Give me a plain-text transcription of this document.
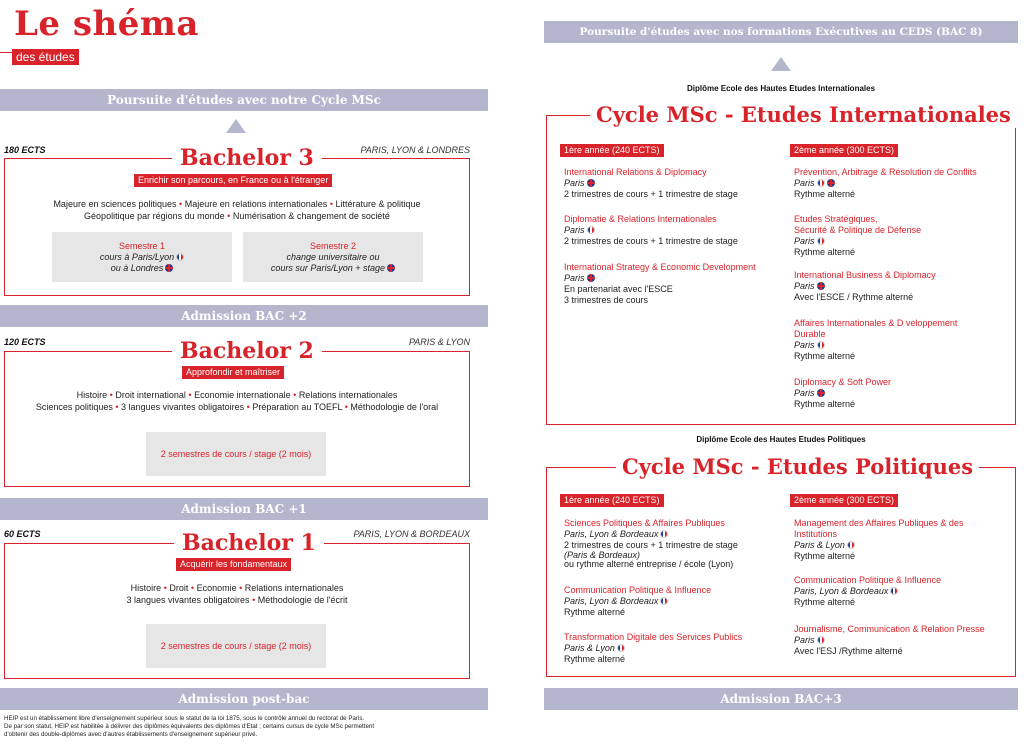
Le shéma
des études
Poursuite d'études avec notre Cycle MSc
180 ECTS	PARIS, LYON & LONDRES
Bachelor 3
Enrichir son parcours, en France ou à l'étranger
Majeure en sciences politiques • Majeure en relations internationales • Littérature & politique
Géopolitique par régions du monde • Numérisation & changement de société
Semestre 1
cours à Paris/Lyon
ou à Londres
Semestre 2
change universitaire ou
cours sur Paris/Lyon + stage
Admission BAC +2
120 ECTS	PARIS & LYON
Bachelor 2
Approfondir et maîtriser
Histoire • Droit international • Economie internationale • Relations internationales
Sciences politiques • 3 langues vivantes obligatoires • Préparation au TOEFL • Méthodologie de l'oral
2 semestres de cours / stage (2 mois)
Admission BAC +1
60 ECTS	PARIS, LYON & BORDEAUX
Bachelor 1
Acquérir les fondamentaux
Histoire • Droit • Economie • Relations internationales
3 langues vivantes obligatoires • Méthodologie de l'écrit
2 semestres de cours / stage (2 mois)
Admission post-bac
HEIP est un établissement libre d'enseignement supérieur sous le statut de la loi 1875, sous le contrôle annuel du rectorat de Paris.
De par son statut, HEIP est habilitée à délivrer des diplômes équivalents des diplômes d'Etat ; certains cursus de cycle MSc permettent
d'obtenir des double-diplômes avec d'autres établissements d'enseignement supérieur privé.
Poursuite d'études avec nos formations Exécutives au CEDS (BAC 8)
Diplôme Ecole des Hautes Etudes Internationales
Cycle MSc - Etudes Internationales
1ère année (240 ECTS)	2ème année (300 ECTS)
International Relations & Diplomacy
Paris
2 trimestres de cours + 1 trimestre de stage
Diplomatie & Relations Internationales
Paris
2 trimestres de cours + 1 trimestre de stage
International Strategy & Economic Development
Paris
En partenariat avec l'ESCE
3 trimestres de cours
Prévention, Arbitrage & Résolution de Conflits
Paris
Rythme alterné
Etudes Stratégiques,
Sécurité & Politique de Défense
Paris
Rythme alterné
International Business & Diplomacy
Paris
Avec l'ESCE / Rythme alterné
Affaires Internationales & D veloppement
Durable
Paris
Rythme alterné
Diplomacy & Soft Power
Paris
Rythme alterné
Diplôme Ecole des Hautes Etudes Politiques
Cycle MSc - Etudes Politiques
1ère année (240 ECTS)	2ème année (300 ECTS)
Sciences Politiques & Affaires Publiques
Paris, Lyon & Bordeaux
2 trimestres de cours + 1 trimestre de stage
(Paris & Bordeaux)
ou rythme alterné entreprise / école (Lyon)
Communication Politique & Influence
Paris, Lyon & Bordeaux
Rythme alterné
Transformation Digitale des Services Publics
Paris & Lyon
Rythme alterné
Management des Affaires Publiques & des
Institutions
Paris & Lyon
Rythme alterné
Communication Politique & Influence
Paris, Lyon & Bordeaux
Rythme alterné
Journalisme, Communication & Relation Presse
Paris
Avec l'ESJ /Rythme alterné
Admission BAC+3
